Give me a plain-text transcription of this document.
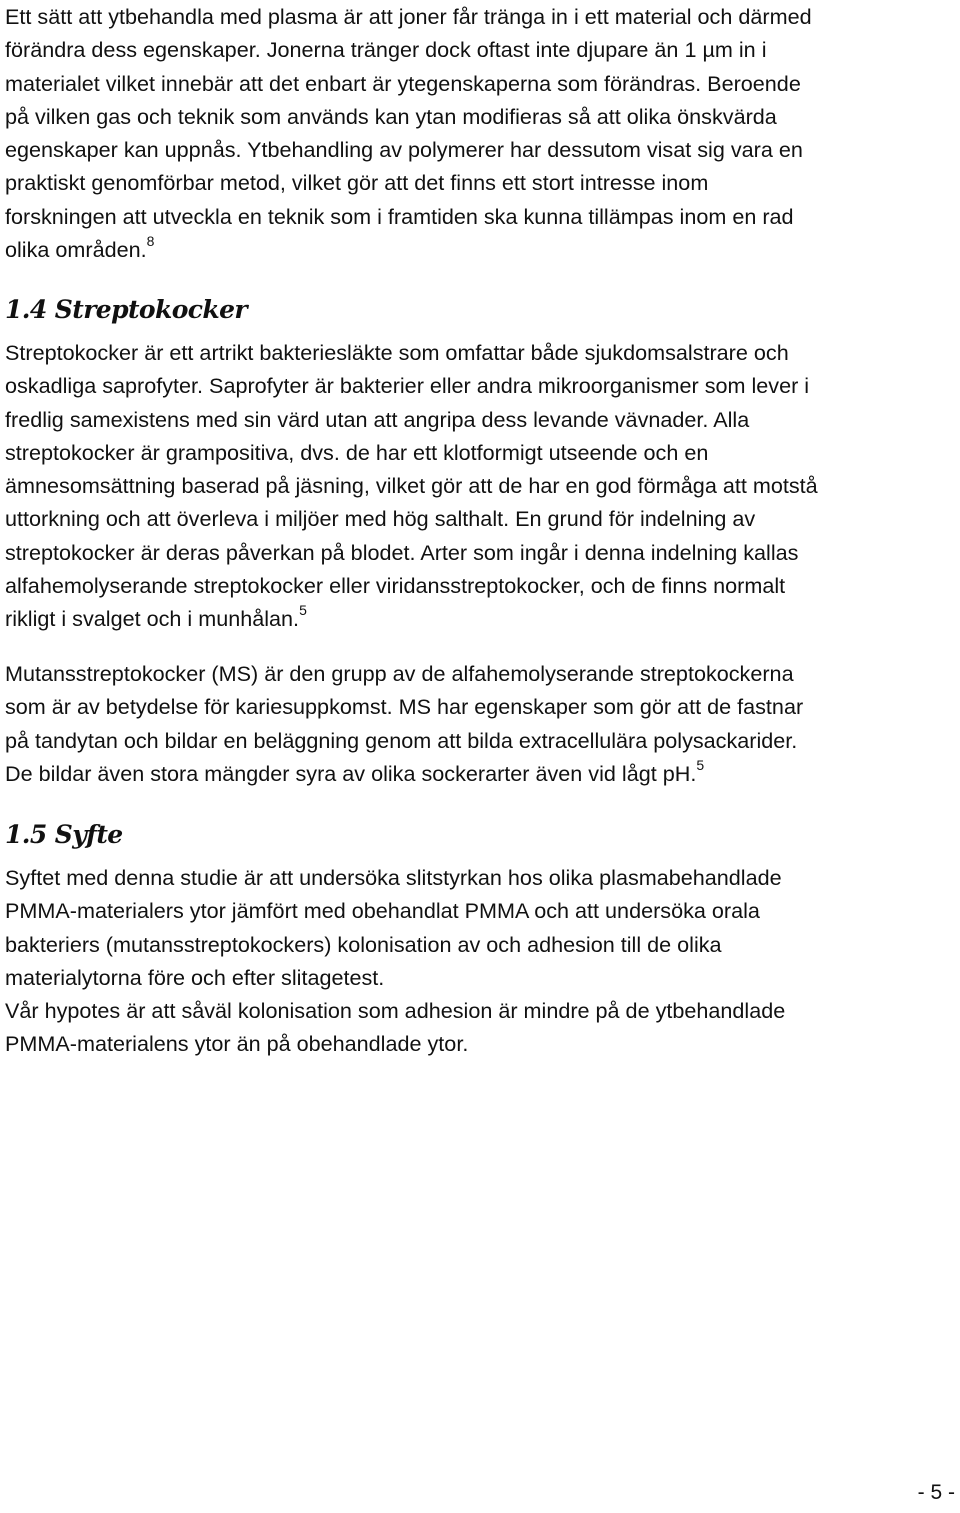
Ett sätt att ytbehandla med plasma är att joner får tränga in i ett material och därmed
förändra dess egenskaper. Jonerna tränger dock oftast inte djupare än 1 µm in i
materialet vilket innebär att det enbart är ytegenskaperna som förändras. Beroende
på vilken gas och teknik som används kan ytan modifieras så att olika önskvärda
egenskaper kan uppnås. Ytbehandling av polymerer har dessutom visat sig vara en
praktiskt genomförbar metod, vilket gör att det finns ett stort intresse inom
forskningen att utveckla en teknik som i framtiden ska kunna tillämpas inom en rad
olika områden.$^8$
1.4 Streptokocker
Streptokocker är ett artrikt bakteriesläkte som omfattar både sjukdomsalstrare och
oskadliga saprofyter. Saprofyter är bakterier eller andra mikroorganismer som lever i
fredlig samexistens med sin värd utan att angripa dess levande vävnader. Alla
streptokocker är grampositiva, dvs. de har ett klotformigt utseende och en
ämnesomsättning baserad på jäsning, vilket gör att de har en god förmåga att motstå
uttorkning och att överleva i miljöer med hög salthalt. En grund för indelning av
streptokocker är deras påverkan på blodet. Arter som ingår i denna indelning kallas
alfahemolyserande streptokocker eller viridansstreptokocker, och de finns normalt
rikligt i svalget och i munhålan.$^5$
Mutansstreptokocker (MS) är den grupp av de alfahemolyserande streptokockerna
som är av betydelse för kariesuppkomst. MS har egenskaper som gör att de fastnar
på tandytan och bildar en beläggning genom att bilda extracellulära polysackarider.
De bildar även stora mängder syra av olika sockerarter även vid lågt pH.$^5$
1.5 Syfte
Syftet med denna studie är att undersöka slitstyrkan hos olika plasmabehandlade
PMMA-materialers ytor jämfört med obehandlat PMMA och att undersöka orala
bakteriers (mutansstreptokockers) kolonisation av och adhesion till de olika
materialytorna före och efter slitagetest.
Vår hypotes är att såväl kolonisation som adhesion är mindre på de ytbehandlade
PMMA-materialens ytor än på obehandlade ytor.
- 5 -
